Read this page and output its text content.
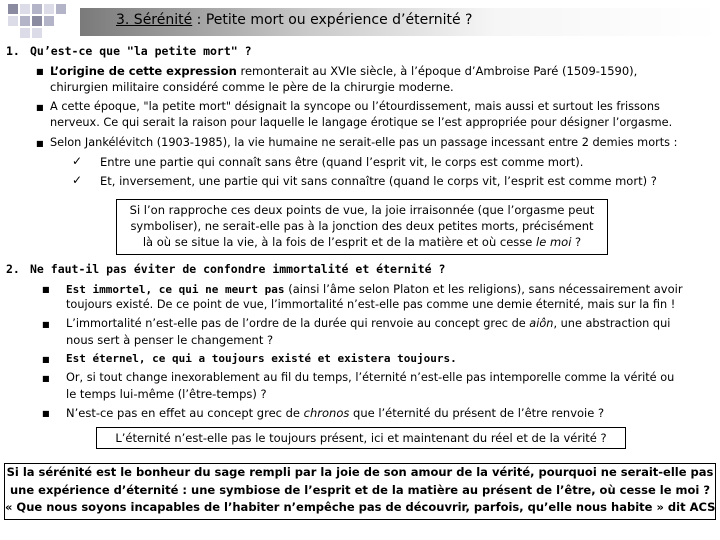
3. Sérénité : Petite mort ou expérience d’éternité ?
1. Qu’est-ce que "la petite mort" ?
■ L’origine de cette expression remonterait au XVIe siècle, à l’époque d’Ambroise Paré (1509-1590),
chirurgien militaire considéré comme le père de la chirurgie moderne.
■ A cette époque, "la petite mort" désignait la syncope ou l’étourdissement, mais aussi et surtout les frissons
nerveux. Ce qui serait la raison pour laquelle le langage érotique se l’est appropriée pour désigner l’orgasme.
■ Selon Jankélévitch (1903-1985), la vie humaine ne serait-elle pas un passage incessant entre 2 demies morts :
✓ Entre une partie qui connaît sans être (quand l’esprit vit, le corps est comme mort).
✓ Et, inversement, une partie qui vit sans connaître (quand le corps vit, l’esprit est comme mort) ?
Si l’on rapproche ces deux points de vue, la joie irraisonnée (que l’orgasme peut
symboliser), ne serait-elle pas à la jonction des deux petites morts, précisément
là où se situe la vie, à la fois de l’esprit et de la matière et où cesse le moi ?
2. Ne faut-il pas éviter de confondre immortalité et éternité ?
■ Est immortel, ce qui ne meurt pas (ainsi l’âme selon Platon et les religions), sans nécessairement avoir
toujours existé. De ce point de vue, l’immortalité n’est-elle pas comme une demie éternité, mais sur la fin !
■ L’immortalité n’est-elle pas de l’ordre de la durée qui renvoie au concept grec de aiôn, une abstraction qui
nous sert à penser le changement ?
■ Est éternel, ce qui a toujours existé et existera toujours.
■ Or, si tout change inexorablement au fil du temps, l’éternité n’est-elle pas intemporelle comme la vérité ou
le temps lui-même (l’être-temps) ?
■ N’est-ce pas en effet au concept grec de chronos que l’éternité du présent de l’être renvoie ?
L’éternité n’est-elle pas le toujours présent, ici et maintenant du réel et de la vérité ?
Si la sérénité est le bonheur du sage rempli par la joie de son amour de la vérité, pourquoi ne serait-elle pas
une expérience d’éternité : une symbiose de l’esprit et de la matière au présent de l’être, où cesse le moi ?
« Que nous soyons incapables de l’habiter n’empêche pas de découvrir, parfois, qu’elle nous habite » dit ACS
